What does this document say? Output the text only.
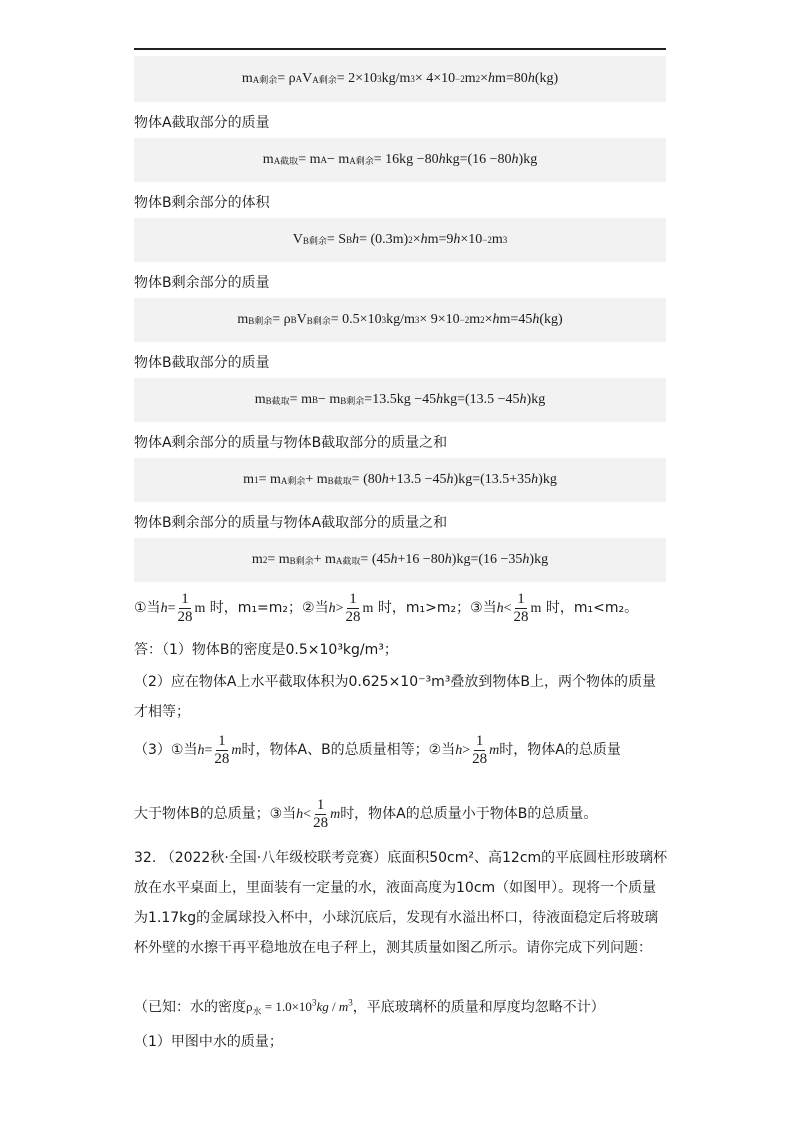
m A剩余 = ρ A V A剩余 = 2×10 3 kg/m 3 × 4×10 −2 m 2 × h m=80 h (kg)
物体A截取部分的质量
m A截取 = m A − m A剩余 = 16kg −80 h kg=(16 −80 h )kg
物体B剩余部分的体积
V B剩余 = S B h = (0.3m) 2 × h m=9 h ×10 −2 m 3
物体B剩余部分的质量
m B剩余 = ρ B V B剩余 = 0.5×10 3 kg/m 3 × 9×10 −2 m 2 × h m=45 h (kg)
物体B截取部分的质量
m B截取 = m B − m B剩余 =13.5kg −45 h kg=(13.5 −45 h )kg
物体A剩余部分的质量与物体B截取部分的质量之和
m 1 = m A剩余 + m B截取 = (80 h +13.5 −45 h )kg=(13.5+35 h )kg
物体B剩余部分的质量与物体A截取部分的质量之和
m 2 = m B剩余 + m A截取 = (45 h +16 −80 h )kg=(16 −35 h )kg
①当$h= \frac{1}{28}$ m 时，m₁=m₂；②当$h> \frac{1}{28}$ m 时，m₁>m₂；③当$h< \frac{1}{28}$ m 时，m₁<m₂。
答：（1）物体B的密度是0.5×10³kg/m³；
（2）应在物体A上水平截取体积为0.625×10⁻³m³叠放到物体B上，两个物体的质量
才相等；
（3）①当$h= \frac{1}{28}$ m时，物体A、B的总质量相等；②当$h> \frac{1}{28}$ m时，物体A的总质量
大于物体B的总质量；③当$h< \frac{1}{28}$ m时，物体A的总质量小于物体B的总质量。
32. （2022秋·全国·八年级校联考竞赛）底面积50cm²、高12cm的平底圆柱形玻璃杯
放在水平桌面上，里面装有一定量的水，液面高度为10cm（如图甲）。现将一个质量
为1.17kg的金属球投入杯中，小球沉底后，发现有水溢出杯口，待液面稳定后将玻璃
杯外壁的水擦干再平稳地放在电子秤上，测其质量如图乙所示。请你完成下列问题：
（已知：水的密度$\rho_水 = 1.0\times 10^3kg / m^3$，平底玻璃杯的质量和厚度均忽略不计）
（1）甲图中水的质量；
